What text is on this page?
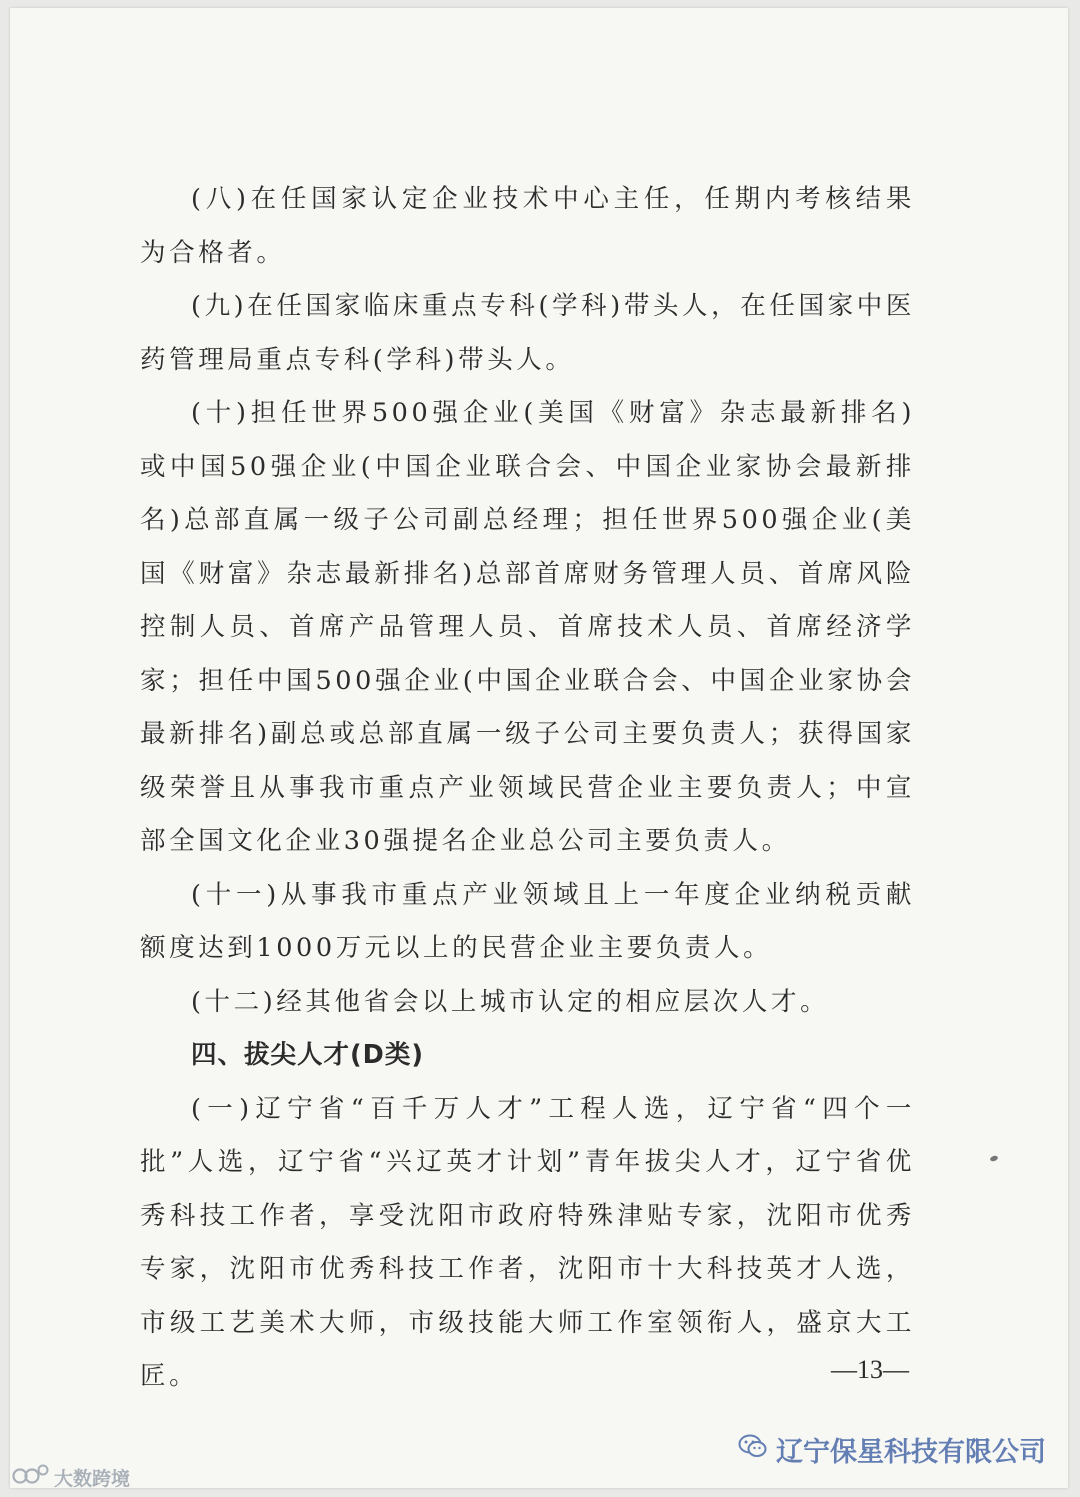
(八)在任国家认定企业技术中心主任，任期内考核结果为合格者。

(九)在任国家临床重点专科(学科)带头人，在任国家中医药管理局重点专科(学科)带头人。

(十)担任世界500强企业(美国《财富》杂志最新排名)或中国50强企业(中国企业联合会、中国企业家协会最新排名)总部直属一级子公司副总经理；担任世界500强企业(美国《财富》杂志最新排名)总部首席财务管理人员、首席风险控制人员、首席产品管理人员、首席技术人员、首席经济学家；担任中国500强企业(中国企业联合会、中国企业家协会最新排名)副总或总部直属一级子公司主要负责人；获得国家级荣誉且从事我市重点产业领域民营企业主要负责人；中宣部全国文化企业30强提名企业总公司主要负责人。

(十一)从事我市重点产业领域且上一年度企业纳税贡献额度达到1000万元以上的民营企业主要负责人。

(十二)经其他省会以上城市认定的相应层次人才。

四、拔尖人才(D类)

(一)辽宁省“百千万人才”工程人选，辽宁省“四个一批”人选，辽宁省“兴辽英才计划”青年拔尖人才，辽宁省优秀科技工作者，享受沈阳市政府特殊津贴专家，沈阳市优秀专家，沈阳市优秀科技工作者，沈阳市十大科技英才人选，市级工艺美术大师，市级技能大师工作室领衔人，盛京大工匠。	—13—
辽宁保星科技有限公司
大数跨境
